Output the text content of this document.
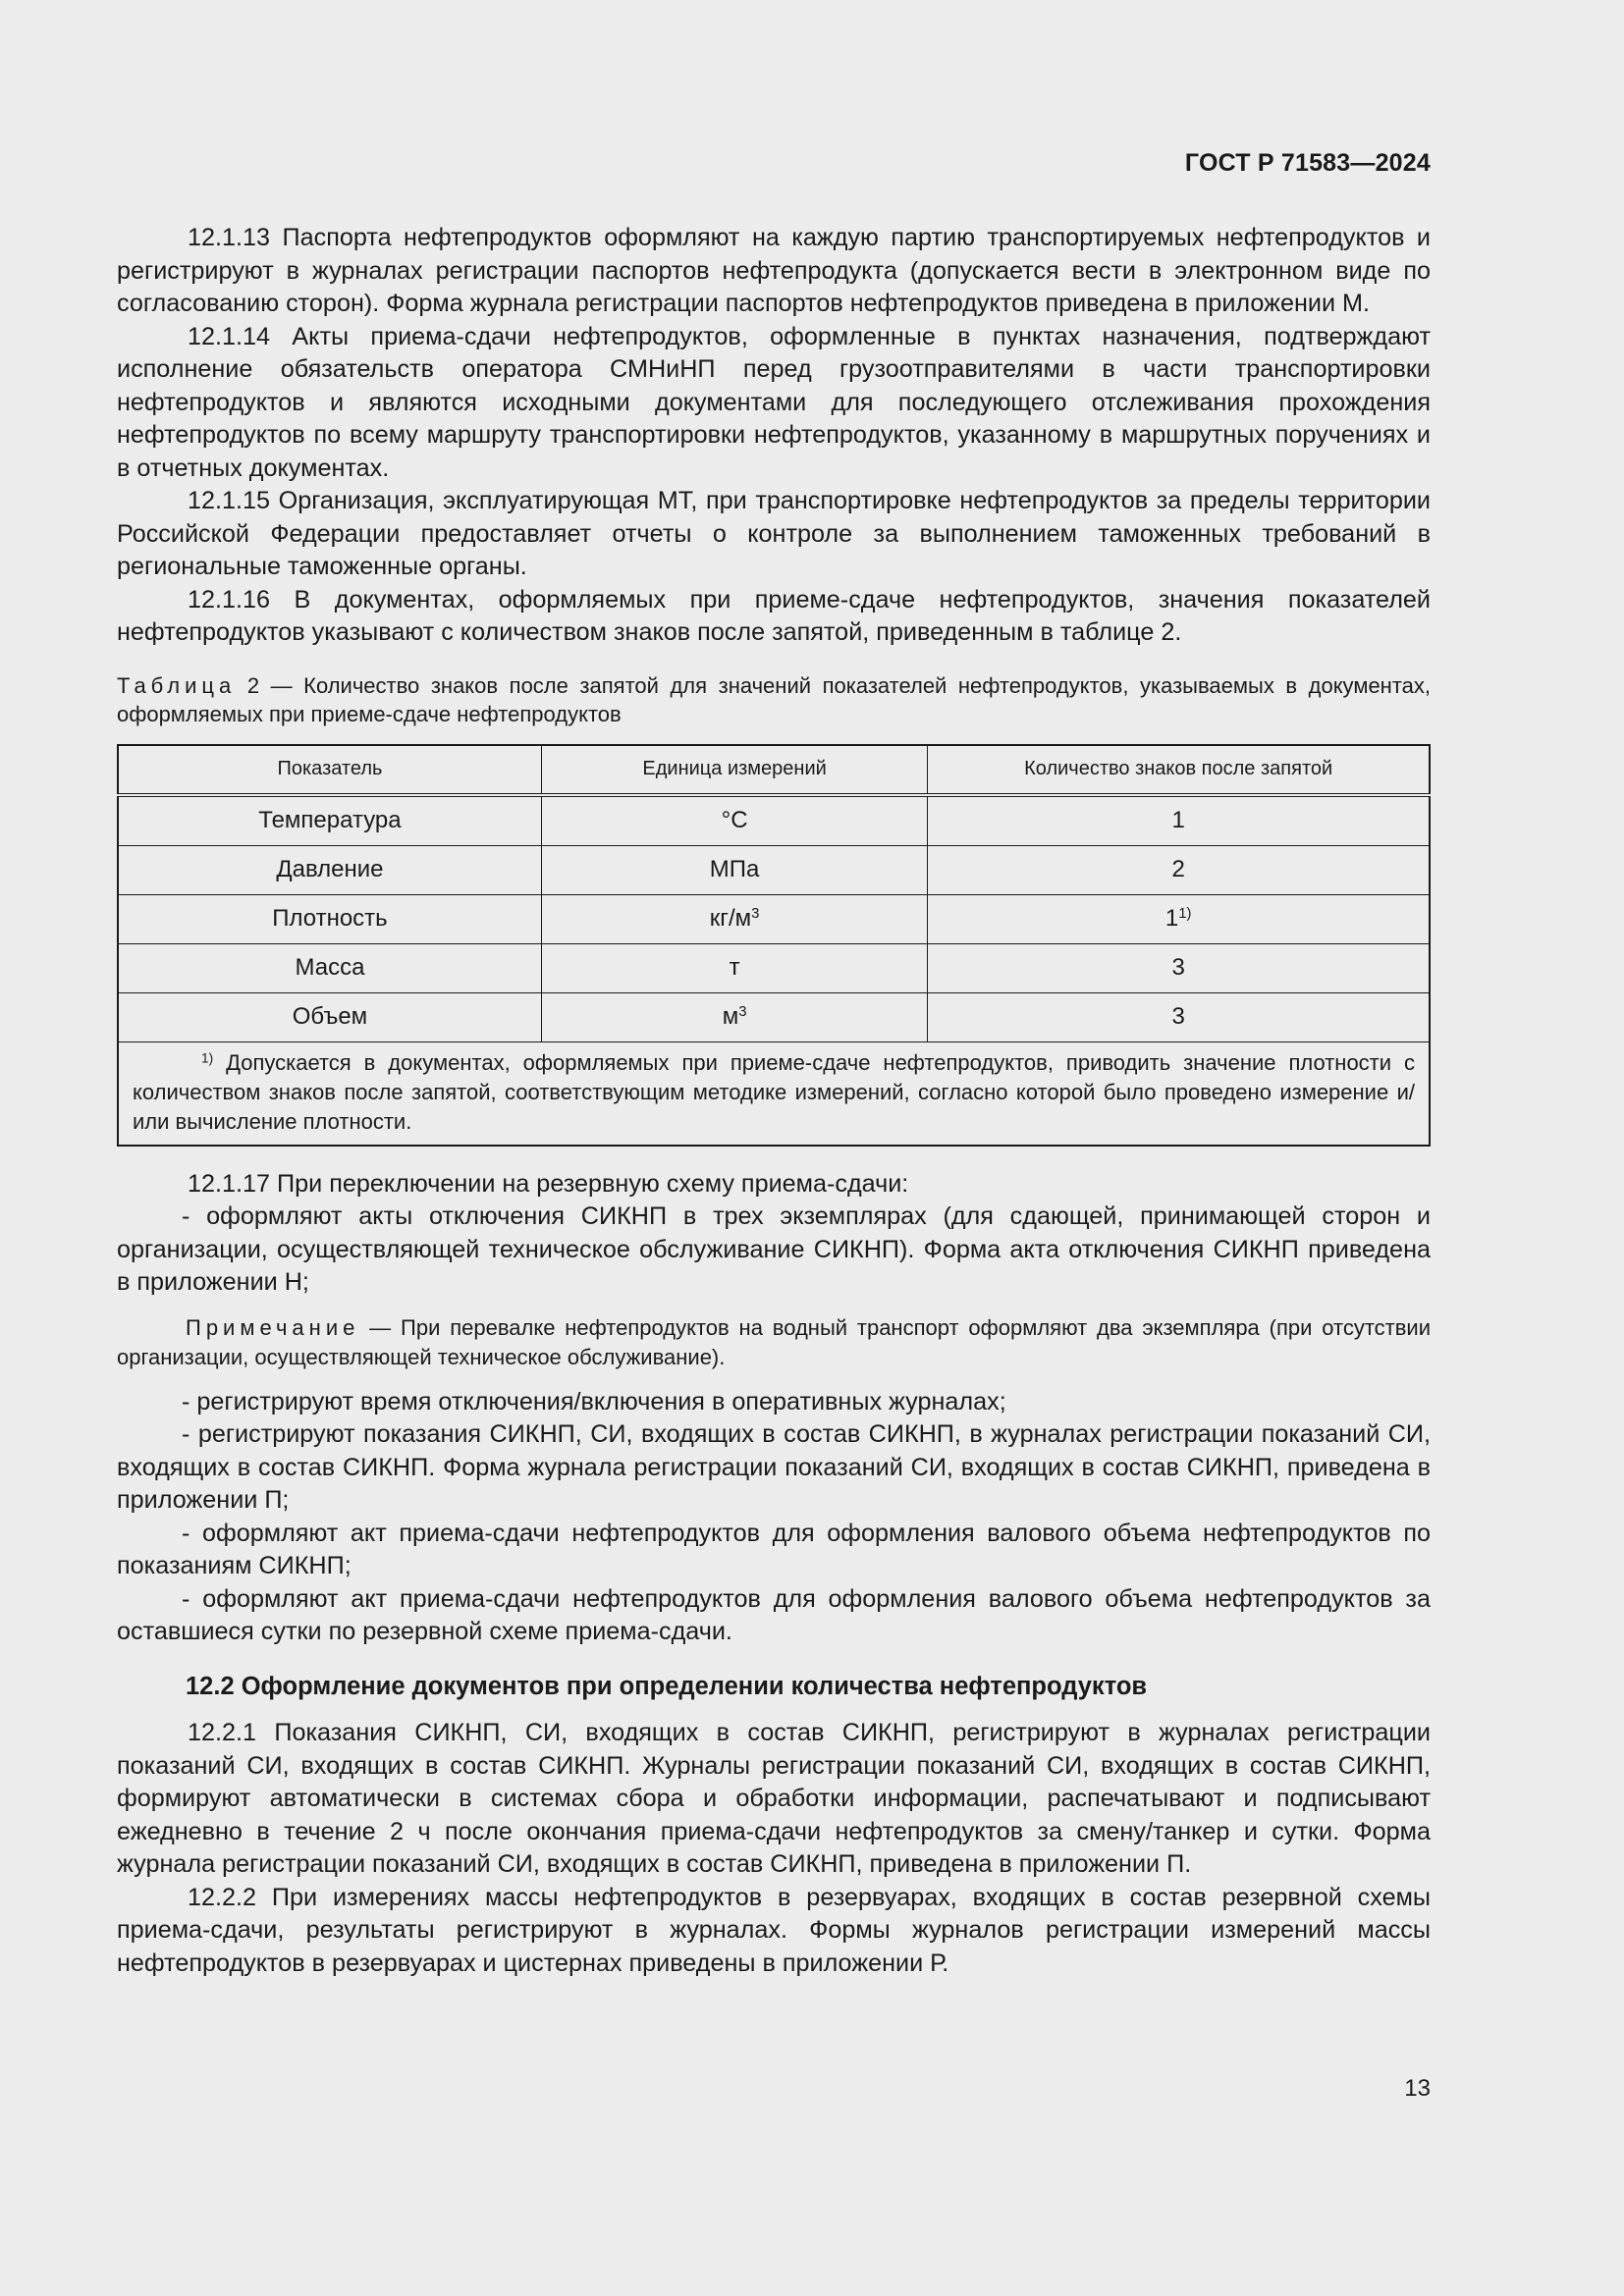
ГОСТ Р 71583—2024

12.1.13 Паспорта нефтепродуктов оформляют на каждую партию транспортируемых нефтепродуктов и регистрируют в журналах регистрации паспортов нефтепродукта (допускается вести в электронном виде по согласованию сторон). Форма журнала регистрации паспортов нефтепродуктов приведена в приложении М.

12.1.14 Акты приема-сдачи нефтепродуктов, оформленные в пунктах назначения, подтверждают исполнение обязательств оператора СМНиНП перед грузоотправителями в части транспортировки нефтепродуктов и являются исходными документами для последующего отслеживания прохождения нефтепродуктов по всему маршруту транспортировки нефтепродуктов, указанному в маршрутных поручениях и в отчетных документах.

12.1.15 Организация, эксплуатирующая МТ, при транспортировке нефтепродуктов за пределы территории Российской Федерации предоставляет отчеты о контроле за выполнением таможенных требований в региональные таможенные органы.

12.1.16 В документах, оформляемых при приеме-сдаче нефтепродуктов, значения показателей нефтепродуктов указывают с количеством знаков после запятой, приведенным в таблице 2.

Таблица 2 — Количество знаков после запятой для значений показателей нефтепродуктов, указываемых в документах, оформляемых при приеме-сдаче нефтепродуктов

Показатель	Единица измерений	Количество знаков после запятой
Температура	°С	1
Давление	МПа	2
Плотность	$кг/м^3$	1$^{1)}$
Масса	т	3
Объем	$м^3$	3
$^{1)}$ Допускается в документах, оформляемых при приеме-сдаче нефтепродуктов, приводить значение плотности с количеством знаков после запятой, соответствующим методике измерений, согласно которой было проведено измерение и/или вычисление плотности.		

12.1.17 При переключении на резервную схему приема-сдачи:

- оформляют акты отключения СИКНП в трех экземплярах (для сдающей, принимающей сторон и организации, осуществляющей техническое обслуживание СИКНП). Форма акта отключения СИКНП приведена в приложении Н;

Примечание — При перевалке нефтепродуктов на водный транспорт оформляют два экземпляра (при отсутствии организации, осуществляющей техническое обслуживание).

- регистрируют время отключения/включения в оперативных журналах;

- регистрируют показания СИКНП, СИ, входящих в состав СИКНП, в журналах регистрации показаний СИ, входящих в состав СИКНП. Форма журнала регистрации показаний СИ, входящих в состав СИКНП, приведена в приложении П;

- оформляют акт приема-сдачи нефтепродуктов для оформления валового объема нефтепродуктов по показаниям СИКНП;

- оформляют акт приема-сдачи нефтепродуктов для оформления валового объема нефтепродуктов за оставшиеся сутки по резервной схеме приема-сдачи.

12.2 Оформление документов при определении количества нефтепродуктов

12.2.1 Показания СИКНП, СИ, входящих в состав СИКНП, регистрируют в журналах регистрации показаний СИ, входящих в состав СИКНП. Журналы регистрации показаний СИ, входящих в состав СИКНП, формируют автоматически в системах сбора и обработки информации, распечатывают и подписывают ежедневно в течение 2 ч после окончания приема-сдачи нефтепродуктов за смену/танкер и сутки. Форма журнала регистрации показаний СИ, входящих в состав СИКНП, приведена в приложении П.

12.2.2 При измерениях массы нефтепродуктов в резервуарах, входящих в состав резервной схемы приема-сдачи, результаты регистрируют в журналах. Формы журналов регистрации измерений массы нефтепродуктов в резервуарах и цистернах приведены в приложении Р.

13
